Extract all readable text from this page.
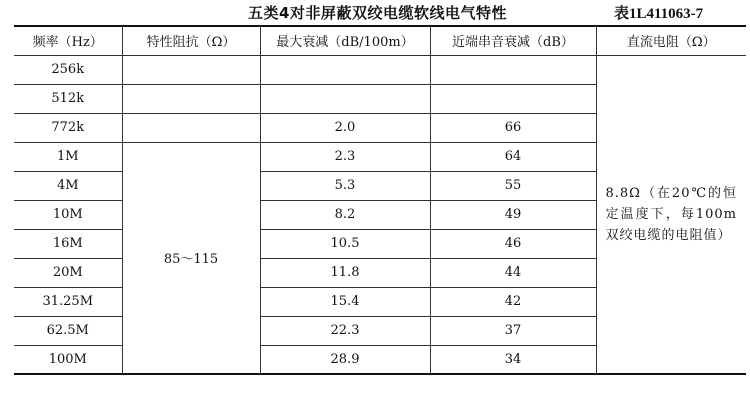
五类4对非屏蔽双绞电缆软线电气特性	表1L411063-7
频率（Hz）	特性阻抗（Ω）	最大衰减（dB/100m）	近端串音衰减（dB）	直流电阻（Ω）
256k				8.8Ω（在20℃的恒定温度下，每100m双绞电缆的电阻值）
512k				
772k		2.0	66	
1M	85～115	2.3	64	
4M		5.3	55	
10M		8.2	49	
16M		10.5	46	
20M		11.8	44	
31.25M		15.4	42	
62.5M		22.3	37	
100M		28.9	34	
